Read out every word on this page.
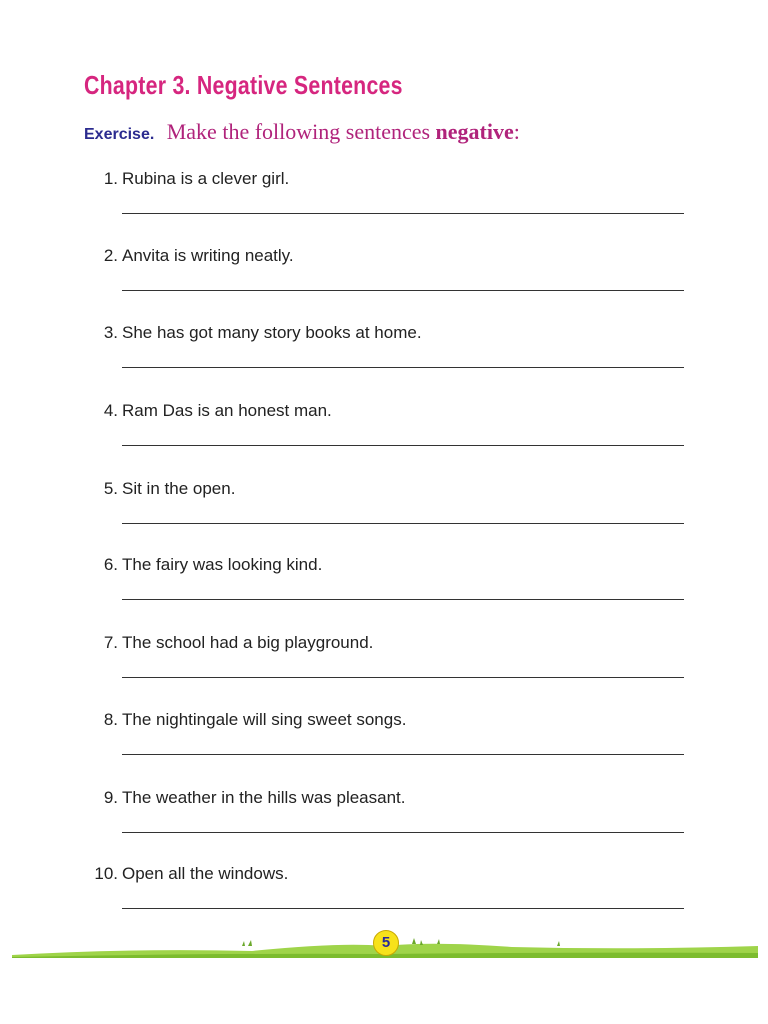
Chapter 3. Negative Sentences
Exercise. Make the following sentences negative:
1. Rubina is a clever girl.
2. Anvita is writing neatly.
3. She has got many story books at home.
4. Ram Das is an honest man.
5. Sit in the open.
6. The fairy was looking kind.
7. The school had a big playground.
8. The nightingale will sing sweet songs.
9. The weather in the hills was pleasant.
10. Open all the windows.
5
